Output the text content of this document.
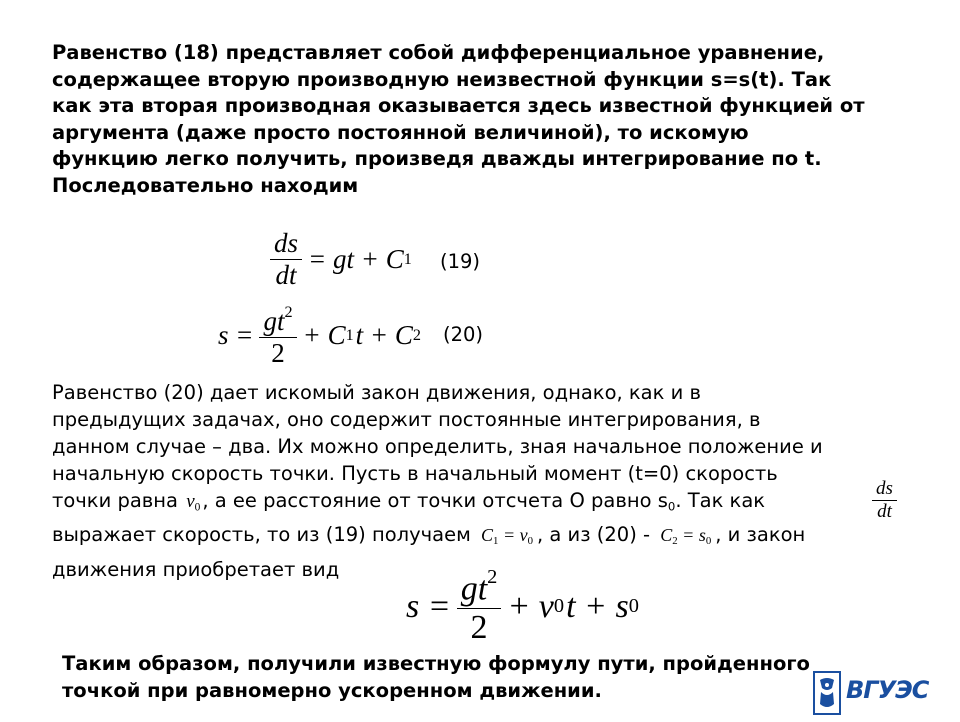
Равенство (18) представляет собой дифференциальное уравнение,
содержащее вторую производную неизвестной функции s=s(t). Так
как эта вторая производная оказывается здесь известной функцией от
аргумента (даже просто постоянной величиной), то искомую
функцию легко получить, произведя дважды интегрирование по t.
Последовательно находим
$\frac{ds}{dt}$ = gt + C 1 (19)
$s = \frac{gt^2}{2} + C$ 1 t + C 2 (20)
Равенство (20) дает искомый закон движения, однако, как и в
предыдущих задачах, оно содержит постоянные интегрирования, в
данном случае – два. Их можно определить, зная начальное положение и
начальную скорость точки. Пусть в начальный момент (t=0) скорость
точки равна $v_0$ , а ее расстояние от точки отсчета О равно $s_0$. Так как
выражает скорость, то из (19) получаем $C_1 = v_0$ , а из $(20) - C_2 = s_0$ , и закон
движения приобретает вид
$\frac{ds}{dt}$
$s = \frac{gt^2}{2} + v$ 0 t + s 0
Таким образом, получили известную формулу пути, пройденного
точкой при равномерно ускоренном движении.	ВГУЭС
